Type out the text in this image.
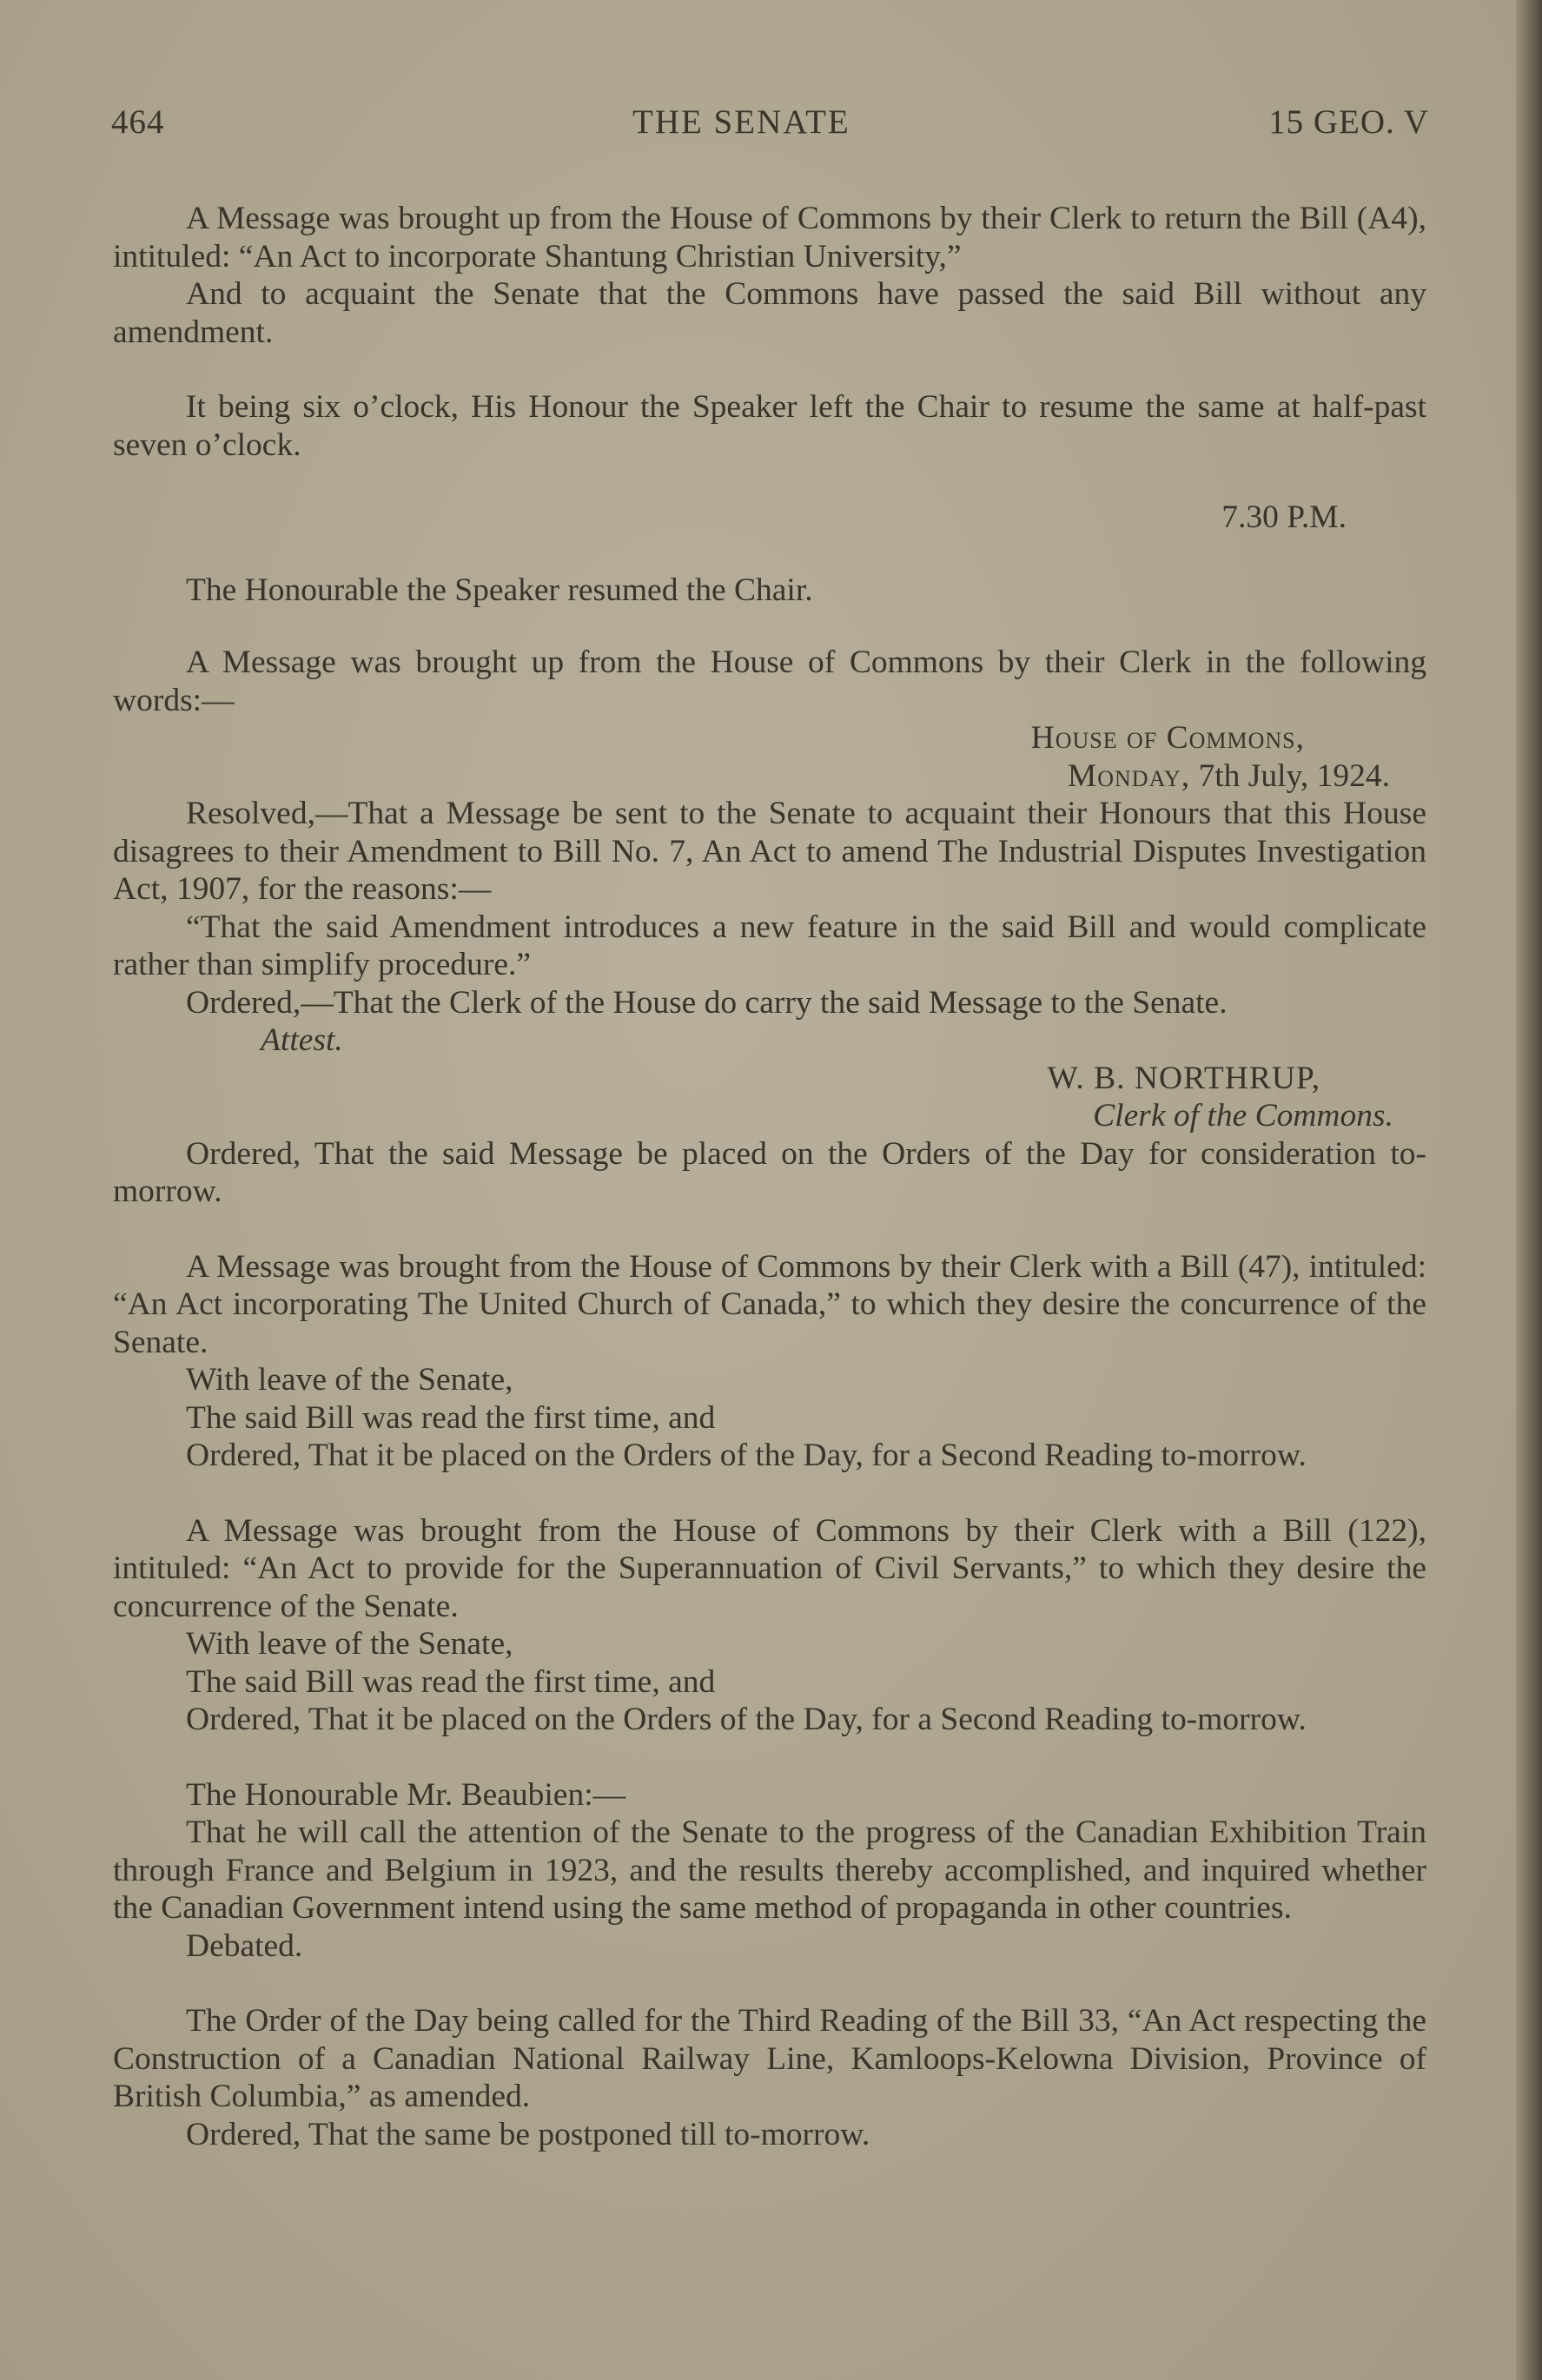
464	THE SENATE	15 GEO. V

A Message was brought up from the House of Commons by their Clerk to return the Bill (A4), intituled: “An Act to incorporate Shantung Christian University,”

And to acquaint the Senate that the Commons have passed the said Bill without any amendment.

It being six o’clock, His Honour the Speaker left the Chair to resume the same at half-past seven o’clock.

7.30 P.M.

The Honourable the Speaker resumed the Chair.

A Message was brought up from the House of Commons by their Clerk in the following words:—

House of Commons,

Monday, 7th July, 1924.

Resolved,—That a Message be sent to the Senate to acquaint their Honours that this House disagrees to their Amendment to Bill No. 7, An Act to amend The Industrial Disputes Investigation Act, 1907, for the reasons:—

“That the said Amendment introduces a new feature in the said Bill and would complicate rather than simplify procedure.”

Ordered,—That the Clerk of the House do carry the said Message to the Senate.

Attest.

W. B. NORTHRUP,

Clerk of the Commons.

Ordered, That the said Message be placed on the Orders of the Day for consideration to-morrow.

A Message was brought from the House of Commons by their Clerk with a Bill (47), intituled: “An Act incorporating The United Church of Canada,” to which they desire the concurrence of the Senate.

With leave of the Senate,

The said Bill was read the first time, and

Ordered, That it be placed on the Orders of the Day, for a Second Reading to-morrow.

A Message was brought from the House of Commons by their Clerk with a Bill (122), intituled: “An Act to provide for the Superannuation of Civil Servants,” to which they desire the concurrence of the Senate.

With leave of the Senate,

The said Bill was read the first time, and

Ordered, That it be placed on the Orders of the Day, for a Second Reading to-morrow.

The Honourable Mr. Beaubien:—

That he will call the attention of the Senate to the progress of the Canadian Exhibition Train through France and Belgium in 1923, and the results thereby accomplished, and inquired whether the Canadian Government intend using the same method of propaganda in other countries.

Debated.

The Order of the Day being called for the Third Reading of the Bill 33, “An Act respecting the Construction of a Canadian National Railway Line, Kamloops-Kelowna Division, Province of British Columbia,” as amended.

Ordered, That the same be postponed till to-morrow.
